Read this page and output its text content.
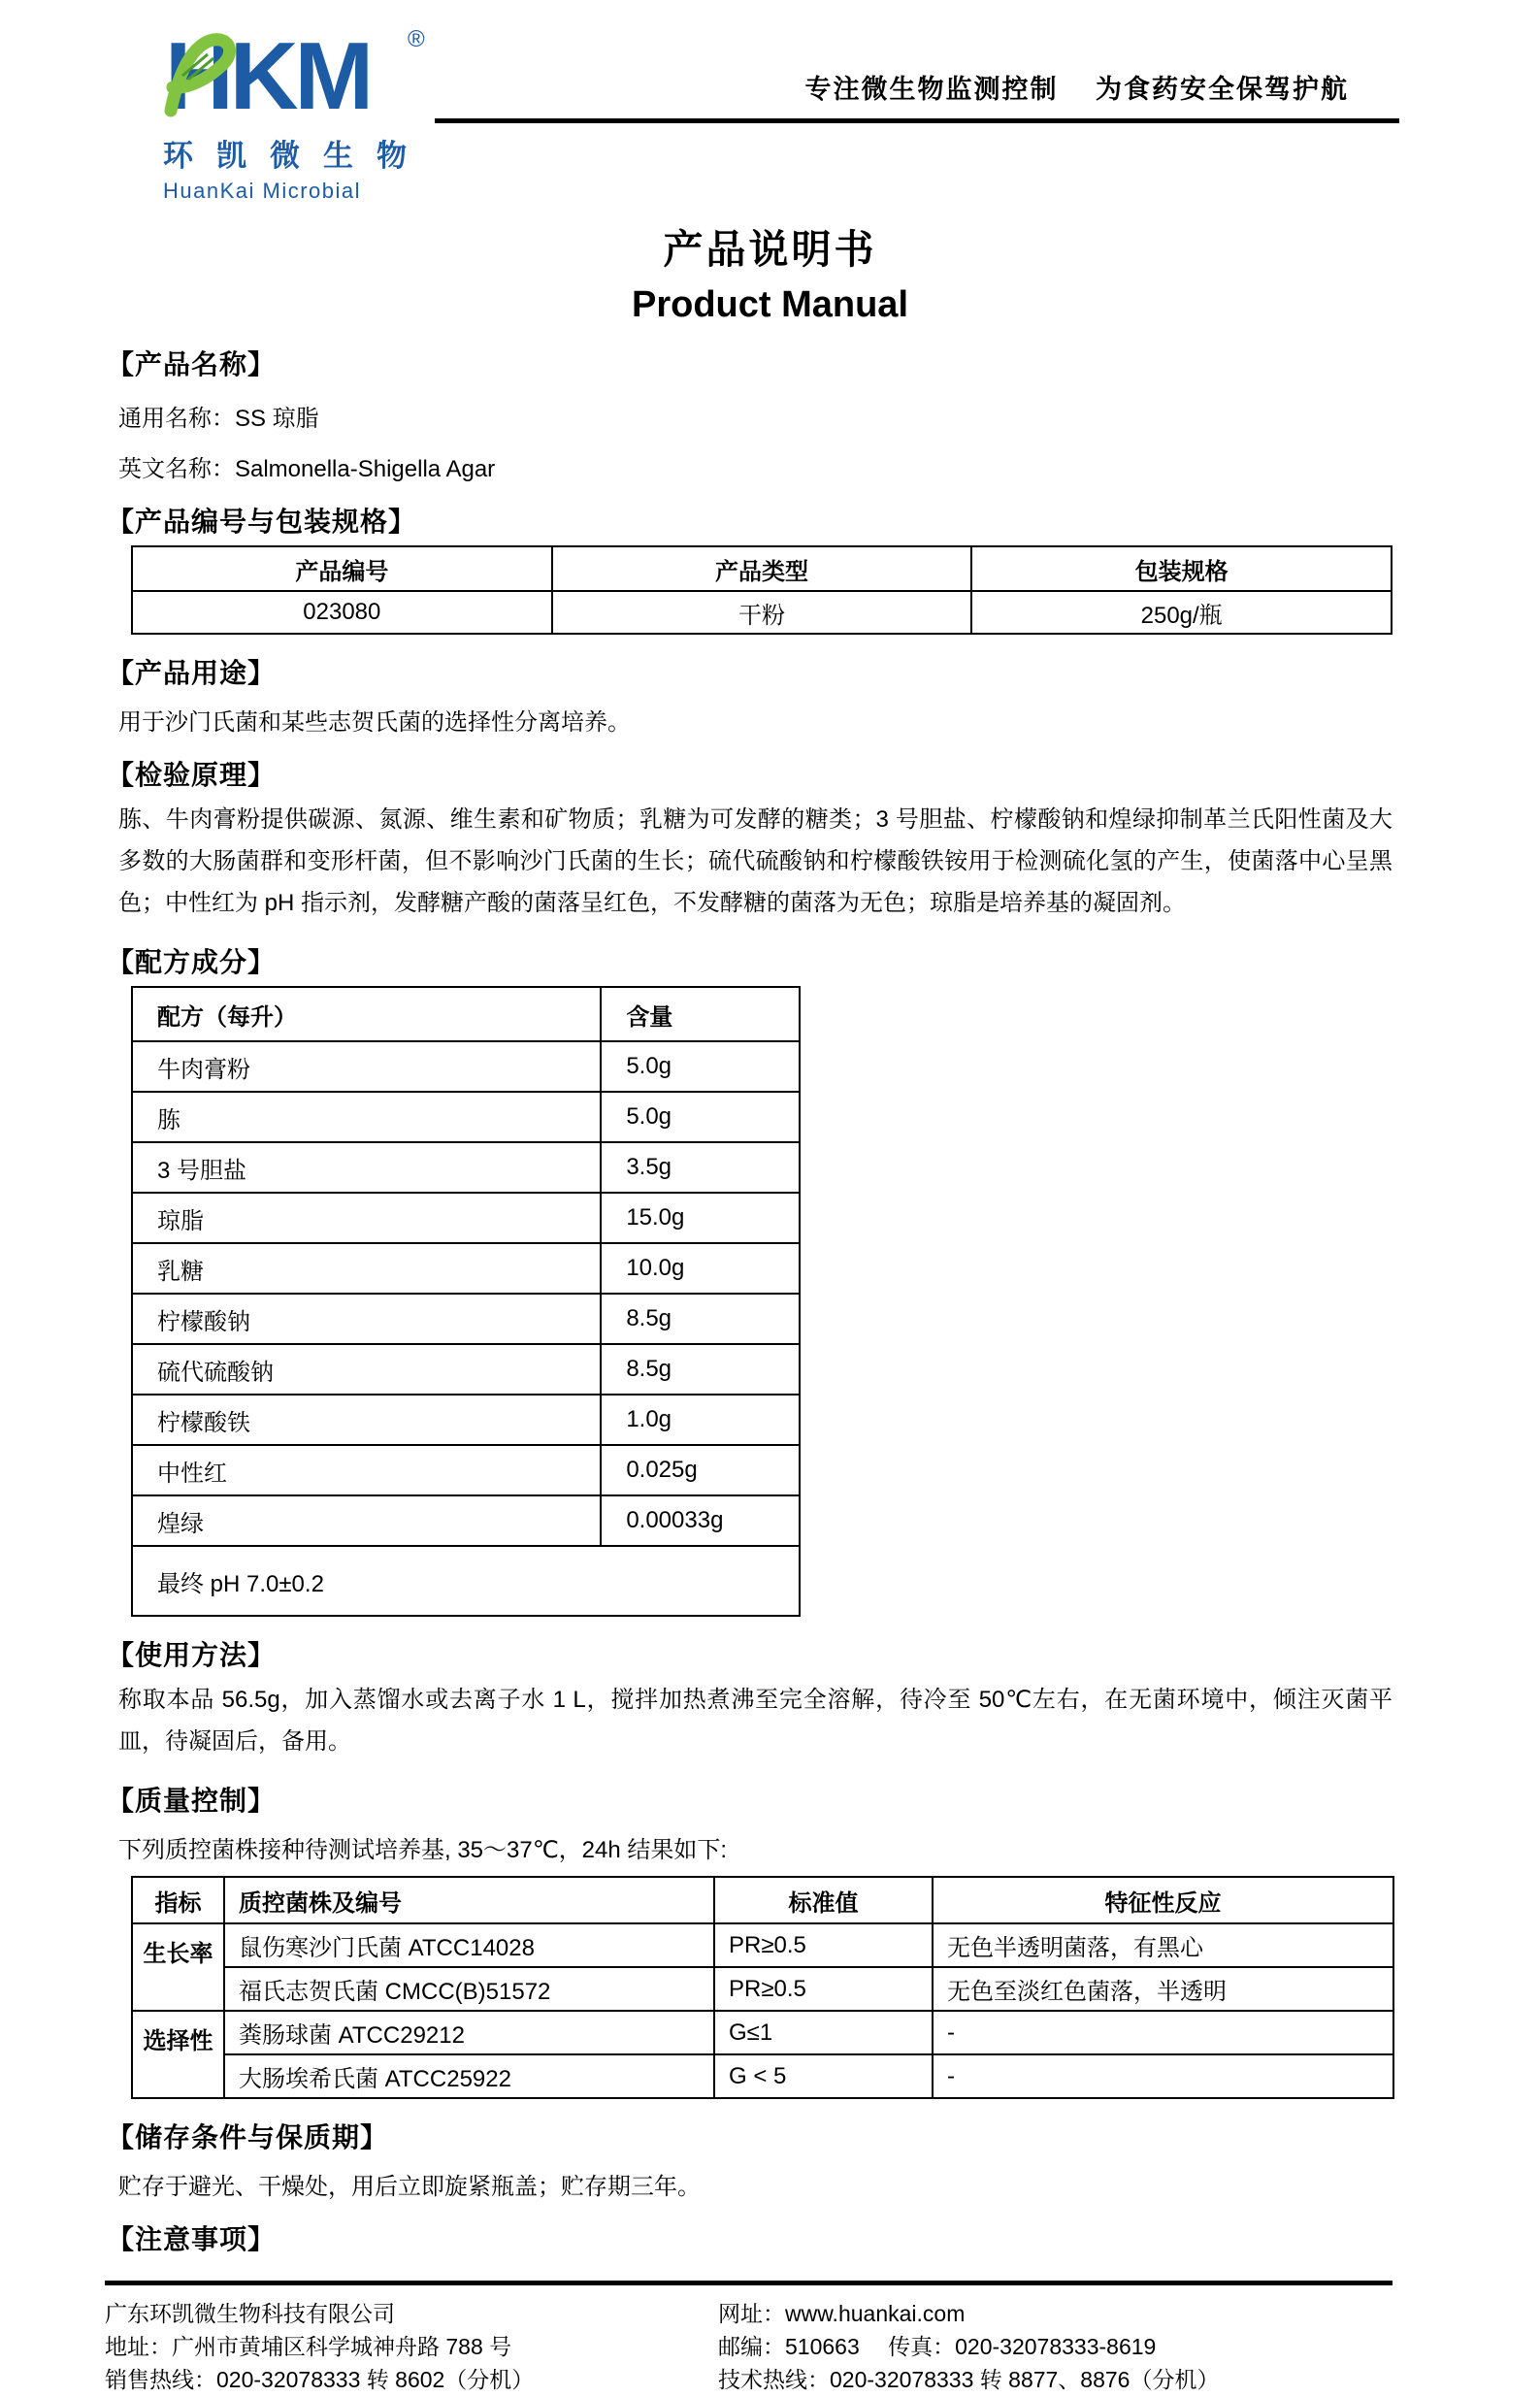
HKM ®
环凯微生物
HuanKai Microbial
专注微生物监测控制　 为食药安全保驾护航
产品说明书
Product Manual
【产品名称】
通用名称：SS 琼脂
英文名称：Salmonella-Shigella Agar
【产品编号与包装规格】
产品编号	产品类型	包装规格
023080	干粉	250g/瓶
【产品用途】
用于沙门氏菌和某些志贺氏菌的选择性分离培养。
【检验原理】
胨、牛肉膏粉提供碳源、氮源、维生素和矿物质；乳糖为可发酵的糖类；3 号胆盐、柠檬酸钠和煌绿抑制革兰氏阳性菌及大多数的大肠菌群和变形杆菌，但不影响沙门氏菌的生长；硫代硫酸钠和柠檬酸铁铵用于检测硫化氢的产生，使菌落中心呈黑色；中性红为 pH 指示剂，发酵糖产酸的菌落呈红色，不发酵糖的菌落为无色；琼脂是培养基的凝固剂。
【配方成分】
配方（每升）	含量
牛肉膏粉	5.0g
胨	5.0g
3 号胆盐	3.5g
琼脂	15.0g
乳糖	10.0g
柠檬酸钠	8.5g
硫代硫酸钠	8.5g
柠檬酸铁	1.0g
中性红	0.025g
煌绿	0.00033g
最终 pH 7.0±0.2	
【使用方法】
称取本品 56.5g，加入蒸馏水或去离子水 1 L，搅拌加热煮沸至完全溶解，待冷至 50℃左右，在无菌环境中，倾注灭菌平皿，待凝固后，备用。
【质量控制】
下列质控菌株接种待测试培养基, 35～37℃，24h 结果如下:
指标	质控菌株及编号	标准值	特征性反应
生长率	鼠伤寒沙门氏菌 ATCC14028	PR≥0.5	无色半透明菌落，有黑心
	福氏志贺氏菌 CMCC(B)51572	PR≥0.5	无色至淡红色菌落，半透明
选择性	粪肠球菌 ATCC29212	G≤1	-
	大肠埃希氏菌 ATCC25922	G < 5	-
【储存条件与保质期】
贮存于避光、干燥处，用后立即旋紧瓶盖；贮存期三年。
【注意事项】
广东环凯微生物科技有限公司
地址：广州市黄埔区科学城神舟路 788 号
销售热线：020-32078333 转 8602（分机）
网址：www.huankai.com
邮编：510663　 传真：020-32078333-8619
技术热线：020-32078333 转 8877、8876（分机）
